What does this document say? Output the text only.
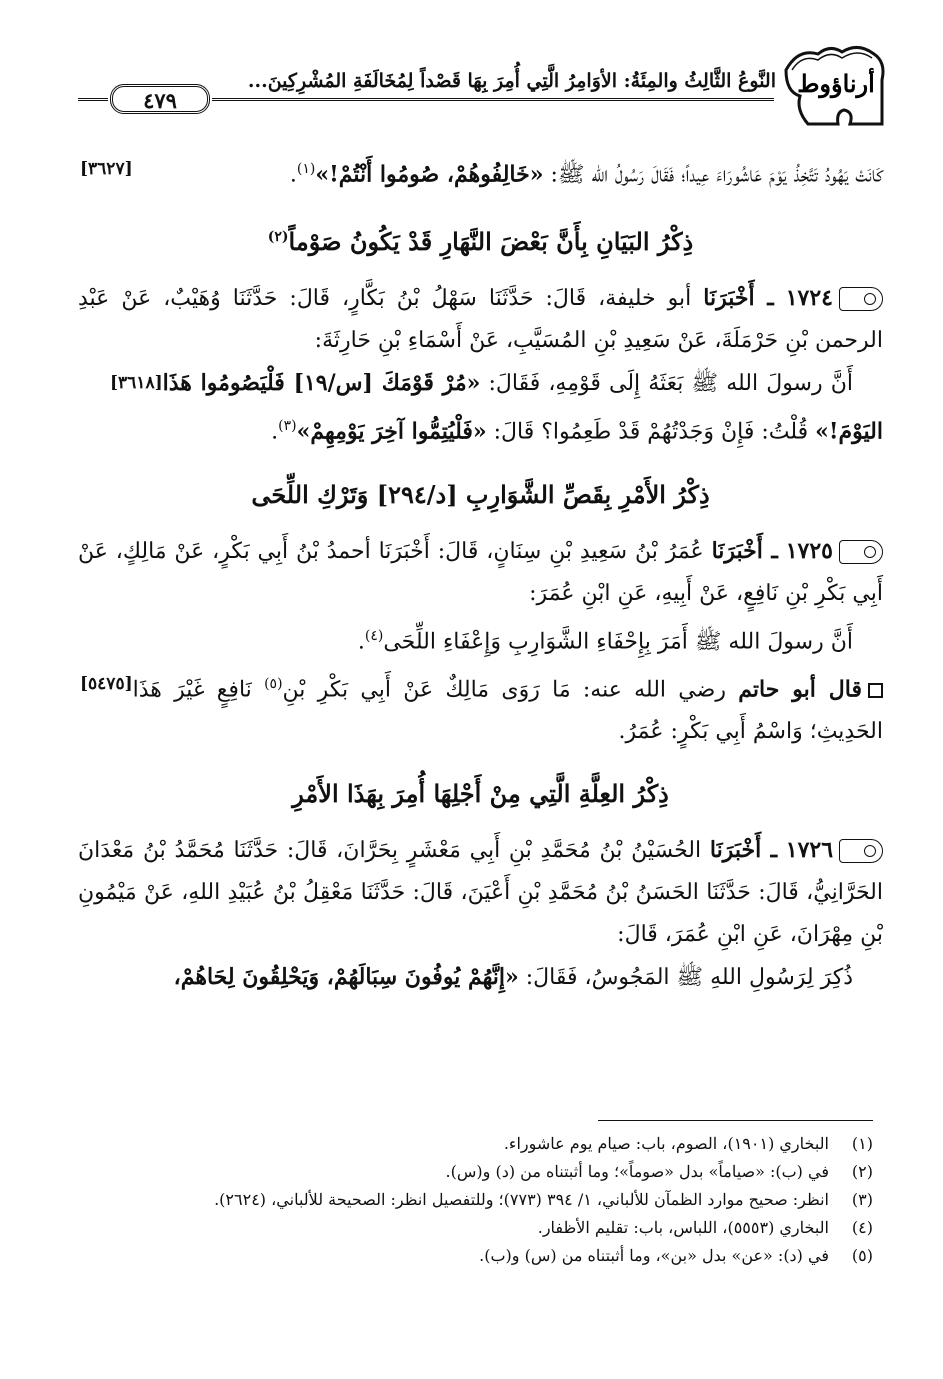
أرناؤوط
النَّوعُ الثَّالِثُ والمِئَةُ: الأوَامِرُ الَّتِي أُمِرَ بِهَا قَصْداً لِمُخَالَفَةِ المُشْرِكِينَ...
٤٧٩

[٣٦٢٧]	كَانَتْ يَهُودُ تَتَّخِذُ يَوْمَ عَاشُورَاءَ عِيداً؛ فَقَالَ رَسُولُ الله ﷺ: «خَالِفُوهُمْ، صُومُوا أَنْتُمْ!»$^{(١)}$.

ذِكْرُ البَيَانِ بِأَنَّ بَعْضَ النَّهَارِ قَدْ يَكُونُ صَوْماً$^{(٢)}$

١٧٢٤ ـ أَخْبَرَنَا أبو خليفة، قَالَ: حَدَّثَنَا سَهْلُ بْنُ بَكَّارٍ، قَالَ: حَدَّثَنَا وُهَيْبٌ، عَنْ عَبْدِ الرحمن بْنِ حَرْمَلَةَ، عَنْ سَعِيدِ بْنِ المُسَيَّبِ، عَنْ أَسْمَاءِ بْنِ حَارِثَةَ:

[٣٦١٨]	أَنَّ رسولَ الله ﷺ بَعَثَهُ إِلَى قَوْمِهِ، فَقَالَ: «مُرْ قَوْمَكَ [س/١٩] فَلْيَصُومُوا هَذَا اليَوْمَ!» قُلْتُ: فَإِنْ وَجَدْتُهُمْ قَدْ طَعِمُوا؟ قَالَ: «فَلْيُتِمُّوا آخِرَ يَوْمِهِمْ»$^{(٣)}$.

ذِكْرُ الأَمْرِ بِقَصِّ الشَّوَارِبِ [د/٢٩٤] وَتَرْكِ اللِّحَى

١٧٢٥ ـ أَخْبَرَنَا عُمَرُ بْنُ سَعِيدِ بْنِ سِنَانٍ، قَالَ: أَخْبَرَنَا أحمدُ بْنُ أَبِي بَكْرٍ، عَنْ مَالِكٍ، عَنْ أَبِي بَكْرِ بْنِ نَافِعٍ، عَنْ أَبِيهِ، عَنِ ابْنِ عُمَرَ:

أَنَّ رسولَ الله ﷺ أَمَرَ بِإِحْفَاءِ الشَّوَارِبِ وَإِعْفَاءِ اللِّحَى$^{(٤)}$.

[٥٤٧٥]	قال أبو حاتم رضي الله عنه: مَا رَوَى مَالِكٌ عَنْ أَبِي بَكْرِ بْنِ$^{(٥)}$ نَافِعٍ غَيْرَ هَذَا الحَدِيثِ؛ وَاسْمُ أَبِي بَكْرٍ: عُمَرُ.

ذِكْرُ العِلَّةِ الَّتِي مِنْ أَجْلِهَا أُمِرَ بِهَذَا الأَمْرِ

١٧٢٦ ـ أَخْبَرَنَا الحُسَيْنُ بْنُ مُحَمَّدِ بْنِ أَبِي مَعْشَرٍ بِحَرَّانَ، قَالَ: حَدَّثَنَا مُحَمَّدُ بْنُ مَعْدَانَ الحَرَّانِيُّ، قَالَ: حَدَّثَنَا الحَسَنُ بْنُ مُحَمَّدِ بْنِ أَعْيَنَ، قَالَ: حَدَّثَنَا مَعْقِلُ بْنُ عُبَيْدِ اللهِ، عَنْ مَيْمُونِ بْنِ مِهْرَانَ، عَنِ ابْنِ عُمَرَ، قَالَ:

ذُكِرَ لِرَسُولِ اللهِ ﷺ المَجُوسُ، فَقَالَ: «إِنَّهُمْ يُوفُونَ سِبَالَهُمْ، وَيَحْلِقُونَ لِحَاهُمْ،

(١)
البخاري (١٩٠١)، الصوم، باب: صيام يوم عاشوراء.
(٢)
في (ب): «صياماً» بدل «صوماً»؛ وما أثبتناه من (د) و(س).
(٣)
انظر: صحيح موارد الظمآن للألباني، ١/ ٣٩٤ (٧٧٣)؛ وللتفصيل انظر: الصحيحة للألباني، (٢٦٢٤).
(٤)
البخاري (٥٥٥٣)، اللباس، باب: تقليم الأظفار.
(٥)
في (د): «عن» بدل «بن»، وما أثبتناه من (س) و(ب).
